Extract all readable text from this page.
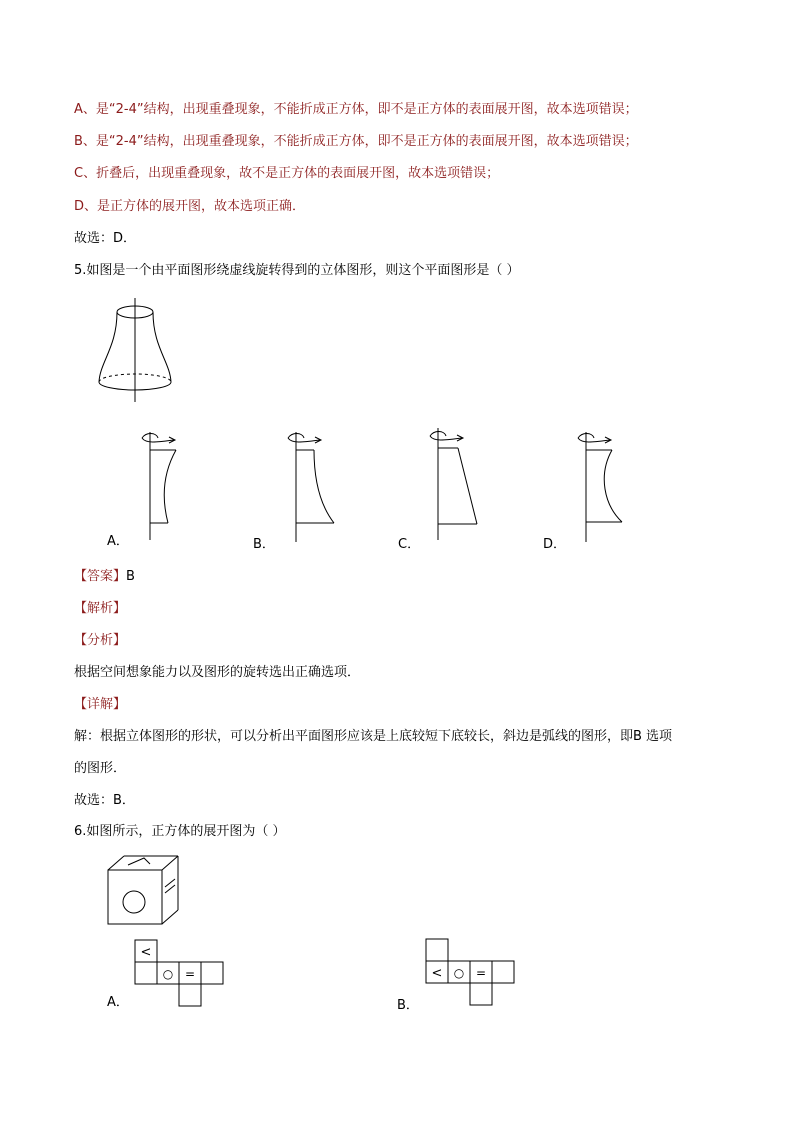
A、是“2-4”结构，出现重叠现象，不能折成正方体，即不是正方体的表面展开图，故本选项错误；
B、是“2-4”结构，出现重叠现象，不能折成正方体，即不是正方体的表面展开图，故本选项错误；
C、折叠后，出现重叠现象，故不是正方体的表面展开图，故本选项错误；
D、是正方体的展开图，故本选项正确．
故选：D．
5.如图是一个由平面图形绕虚线旋转得到的立体图形，则这个平面图形是（ ）
A．	B．	C．	D．
【答案】B
【解析】
【分析】
根据空间想象能力以及图形的旋转选出正确选项．
【详解】
解：根据立体图形的形状，可以分析出平面图形应该是上底较短下底较长，斜边是弧线的图形，即B 选项
的图形．
故选：B．
6.如图所示，正方体的展开图为（ ）
<
○ =
A．
< ○ =
B．
